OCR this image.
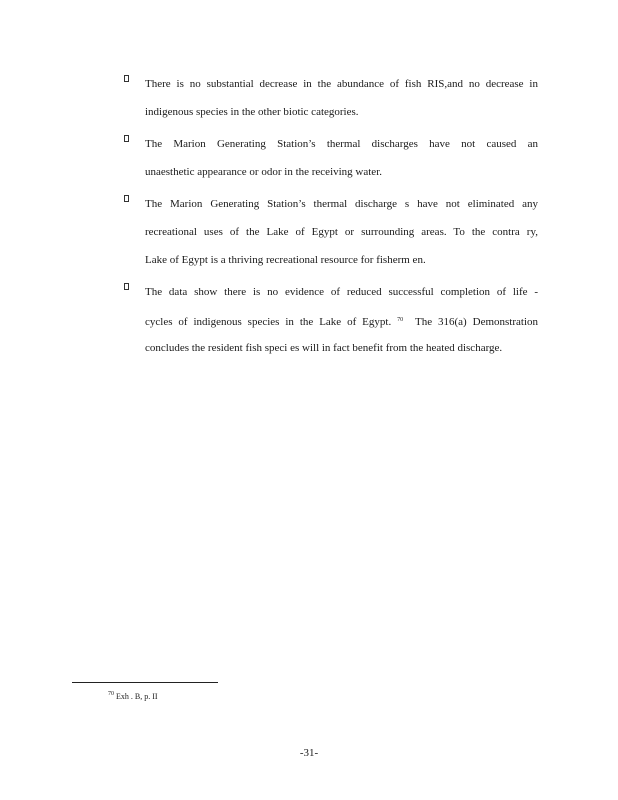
There is no substantial decrease in the abundance of fish RIS,and no decrease in
indigenous species in the other biotic categories.
The Marion Generating Station’s thermal discharges have not caused an
unaesthetic appearance or odor in the receiving water.
The Marion Generating Station’s thermal discharge s have not eliminated any
recreational uses of the Lake of Egypt or surrounding areas. To the contra ry,
Lake of Egypt is a thriving recreational resource for fisherm en.
The data show there is no evidence of reduced successful completion of life -
cycles of indigenous species in the Lake of Egypt. $^{70}$ The 316(a) Demonstration
concludes the resident fish speci es will in fact benefit from the heated discharge.
$^{70}$ Exh . B, p. II
-31-
